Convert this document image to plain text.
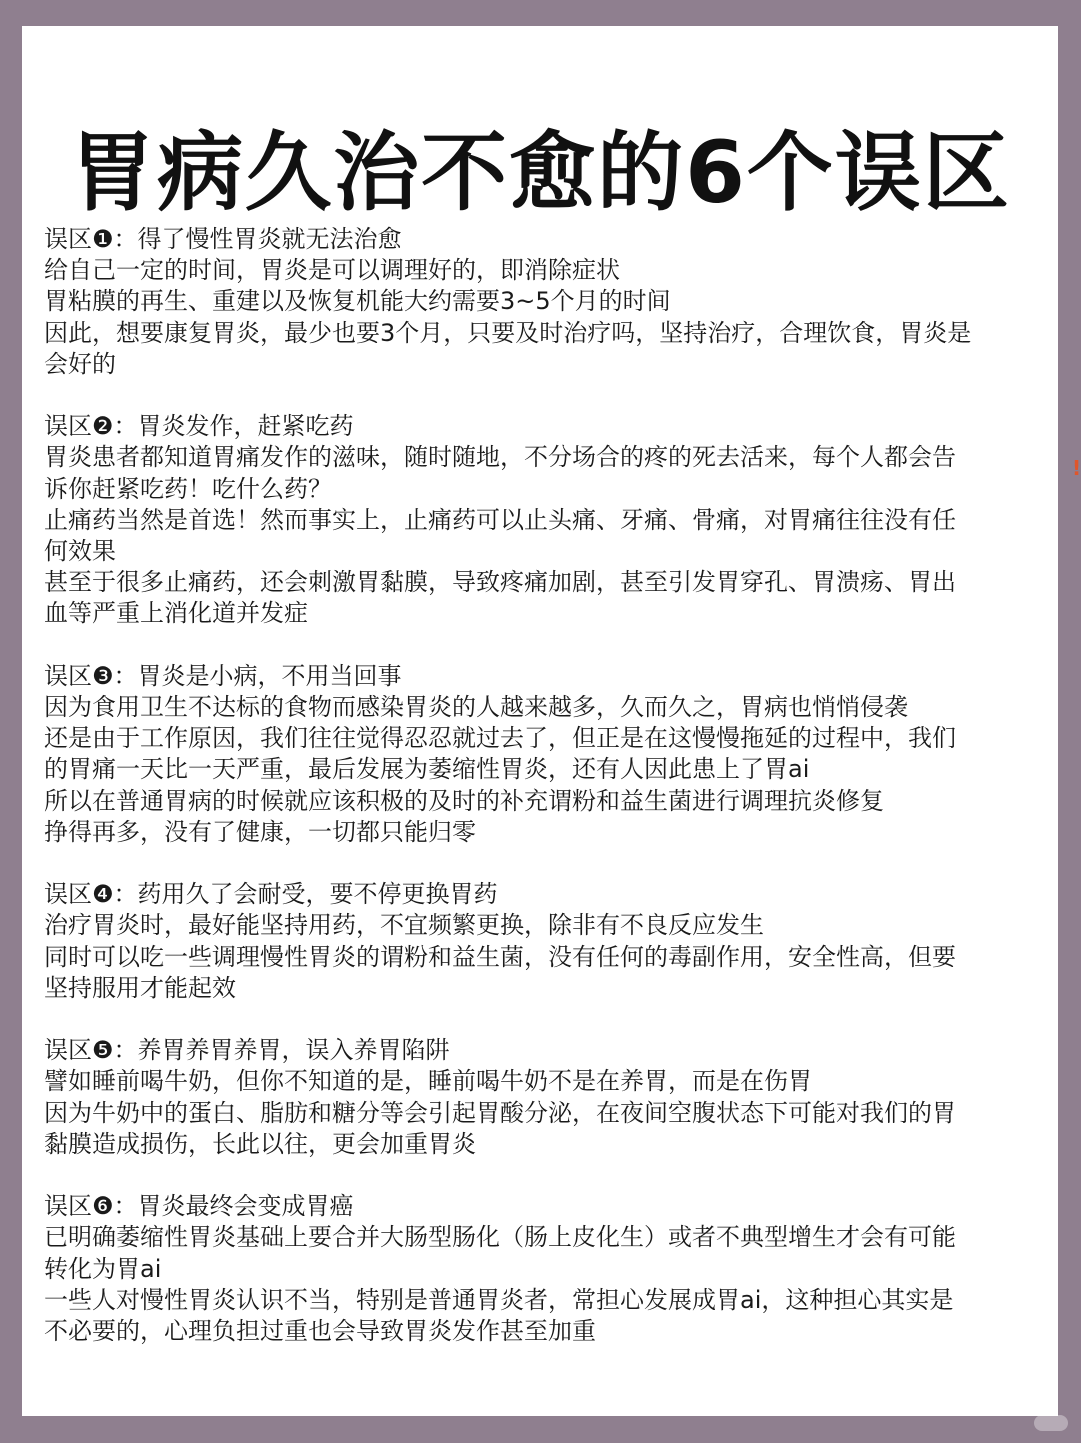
胃病久治不愈的6个误区
误区❶：得了慢性胃炎就无法治愈
给自己一定的时间，胃炎是可以调理好的，即消除症状
胃粘膜的再生、重建以及恢复机能大约需要3~5个月的时间
因此，想要康复胃炎，最少也要3个月，只要及时治疗吗，坚持治疗，合理饮食，胃炎是
会好的
误区❷：胃炎发作，赶紧吃药
胃炎患者都知道胃痛发作的滋味，随时随地，不分场合的疼的死去活来，每个人都会告
诉你赶紧吃药！吃什么药？
止痛药当然是首选！然而事实上，止痛药可以止头痛、牙痛、骨痛，对胃痛往往没有任
何效果
甚至于很多止痛药，还会刺激胃黏膜，导致疼痛加剧，甚至引发胃穿孔、胃溃疡、胃出
血等严重上消化道并发症
误区❸：胃炎是小病，不用当回事
因为食用卫生不达标的食物而感染胃炎的人越来越多，久而久之，胃病也悄悄侵袭
还是由于工作原因，我们往往觉得忍忍就过去了，但正是在这慢慢拖延的过程中，我们
的胃痛一天比一天严重，最后发展为萎缩性胃炎，还有人因此患上了胃ai
所以在普通胃病的时候就应该积极的及时的补充谓粉和益生菌进行调理抗炎修复
挣得再多，没有了健康，一切都只能归零
误区❹：药用久了会耐受，要不停更换胃药
治疗胃炎时，最好能坚持用药，不宜频繁更换，除非有不良反应发生
同时可以吃一些调理慢性胃炎的谓粉和益生菌，没有任何的毒副作用，安全性高，但要
坚持服用才能起效
误区❺：养胃养胃养胃，误入养胃陷阱
譬如睡前喝牛奶，但你不知道的是，睡前喝牛奶不是在养胃，而是在伤胃
因为牛奶中的蛋白、脂肪和糖分等会引起胃酸分泌，在夜间空腹状态下可能对我们的胃
黏膜造成损伤，长此以往，更会加重胃炎
误区❻：胃炎最终会变成胃癌
已明确萎缩性胃炎基础上要合并大肠型肠化（肠上皮化生）或者不典型增生才会有可能
转化为胃ai
一些人对慢性胃炎认识不当，特别是普通胃炎者，常担心发展成胃ai，这种担心其实是
不必要的，心理负担过重也会导致胃炎发作甚至加重
!
